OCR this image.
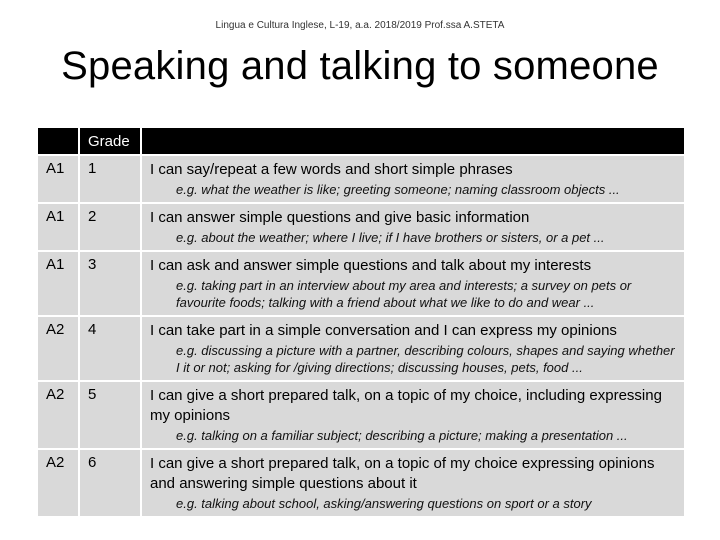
Lingua e Cultura Inglese, L-19, a.a. 2018/2019 Prof.ssa A.STETA
Speaking and talking to someone
	Grade	
A1	1	I can say/repeat a few words and short simple phrases
e.g. what the weather is like; greeting someone; naming classroom objects ...

A1	2	I can answer simple questions and give basic information
e.g. about the weather; where I live; if I have brothers or sisters, or a pet ...

A1	3	I can ask and answer simple questions and talk about my interests
e.g. taking part in an interview about my area and interests; a survey on pets or favourite foods; talking with a friend about what we like to do and wear ...

A2	4	I can take part in a simple conversation and I can express my opinions
e.g. discussing a picture with a partner, describing colours, shapes and saying whether I it or not; asking for /giving directions; discussing houses, pets, food ...

A2	5	I can give a short prepared talk, on a topic of my choice, including expressing my opinions
e.g. talking on a familiar subject; describing a picture; making a presentation ...

A2	6	I can give a short prepared talk, on a topic of my choice expressing opinions and answering simple questions about it
e.g. talking about school, asking/answering questions on sport or a story
